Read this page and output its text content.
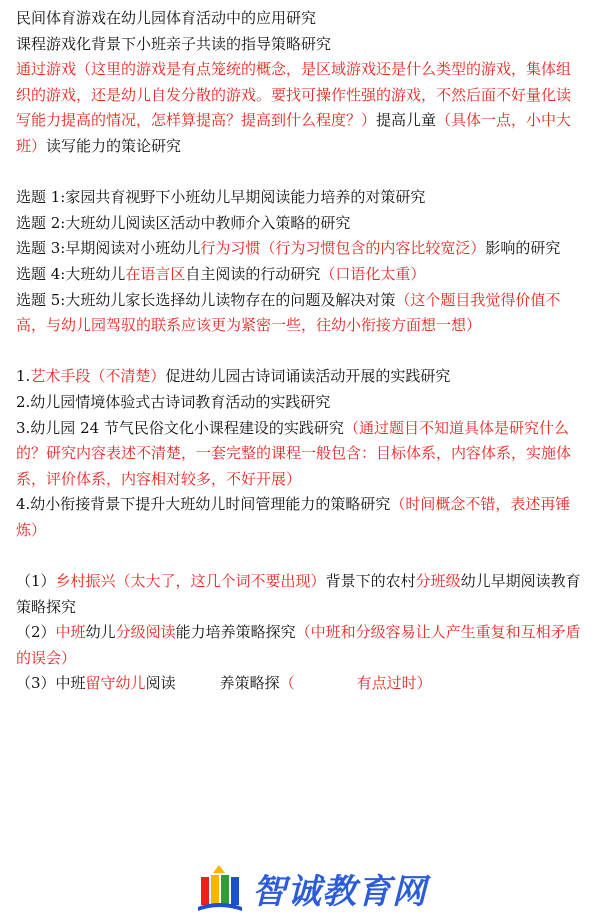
民间体育游戏在幼儿园体育活动中的应用研究

课程游戏化背景下小班亲子共读的指导策略研究

通过游戏（这里的游戏是有点笼统的概念，是区域游戏还是什么类型的游戏，集体组织的游戏，还是幼儿自发分散的游戏。要找可操作性强的游戏，不然后面不好量化读写能力提高的情况，怎样算提高？提高到什么程度？）提高儿童（具体一点，小中大班）读写能力的策论研究

选题 1:家园共育视野下小班幼儿早期阅读能力培养的对策研究

选题 2:大班幼儿阅读区活动中教师介入策略的研究

选题 3:早期阅读对小班幼儿行为习惯（行为习惯包含的内容比较宽泛）影响的研究

选题 4:大班幼儿在语言区自主阅读的行动研究（口语化太重）

选题 5:大班幼儿家长选择幼儿读物存在的问题及解决对策（这个题目我觉得价值不高，与幼儿园驾驭的联系应该更为紧密一些，往幼小衔接方面想一想）

1.艺术手段（不清楚）促进幼儿园古诗词诵读活动开展的实践研究

2.幼儿园情境体验式古诗词教育活动的实践研究

3.幼儿园 24 节气民俗文化小课程建设的实践研究（通过题目不知道具体是研究什么的？研究内容表述不清楚，一套完整的课程一般包含：目标体系，内容体系，实施体系，评价体系，内容相对较多，不好开展）

4.幼小衔接背景下提升大班幼儿时间管理能力的策略研究（时间概念不错，表述再锤炼）

（1）乡村振兴（太大了，这几个词不要出现）背景下的农村分班级幼儿早期阅读教育策略探究

（2）中班幼儿分级阅读能力培养策略探究（中班和分级容易让人产生重复和互相矛盾的误会）

（3）中班留守幼儿阅读	养策略探（	有点过时）

智诚教育网
